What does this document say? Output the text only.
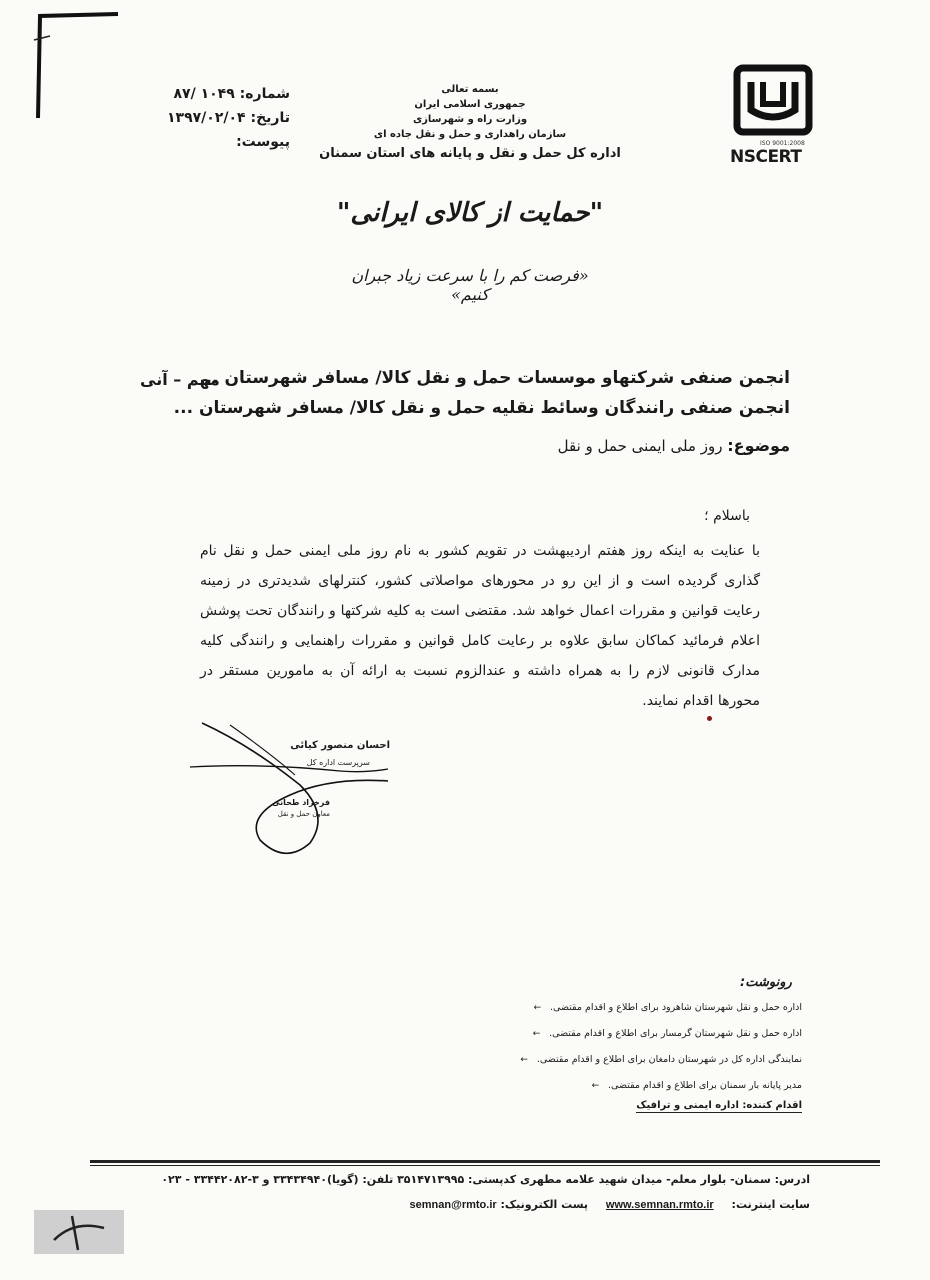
شماره: ۱۰۴۹ /۸۷
تاریخ: ۱۳۹۷/۰۲/۰۴
پیوست:
بسمه تعالی
جمهوری اسلامی ایران
وزارت راه و شهرسازی
سازمان راهداری و حمل و نقل جاده ای
اداره کل حمل و نقل و پایانه های استان سمنان
ISO 9001:2008
NSCERT
"حمایت از کالای ایرانی"
«فرصت کم را با سرعت زیاد جبران کنیم»
مهم – آنی
انجمن صنفی شرکتهاو موسسات حمل و نقل کالا/ مسافر شهرستان ...
انجمن صنفی رانندگان وسائط نقلیه حمل و نقل کالا/ مسافر شهرستان ...
موضوع: روز ملی ایمنی حمل و نقل
باسلام ؛
با عنایت به اینکه روز هفتم اردیبهشت در تقویم کشور به نام روز ملی ایمنی حمل و نقل نام گذاری گردیده است و از این رو در محورهای مواصلاتی کشور، کنترلهای شدیدتری در زمینه رعایت قوانین و مقررات اعمال خواهد شد. مقتضی است به کلیه شرکتها و رانندگان تحت پوشش اعلام فرمائید کماکان سابق علاوه بر رعایت کامل قوانین و مقررات راهنمایی و رانندگی کلیه مدارک قانونی لازم را به همراه داشته و عندالزوم نسبت به ارائه آن به مامورین مستقر در محورها اقدام نمایند.
احسان منصور کیائی
سرپرست اداره کل
فرخزاد طحانی
معاون حمل و نقل
رونوشت:
اداره حمل و نقل شهرستان شاهرود برای اطلاع و اقدام مقتضی. ←
اداره حمل و نقل شهرستان گرمسار برای اطلاع و اقدام مقتضی. ←
نمایندگی اداره کل در شهرستان دامغان برای اطلاع و اقدام مقتضی. ←
مدیر پایانه بار سمنان برای اطلاع و اقدام مقتضی. ←
اقدام کننده: اداره ایمنی و ترافیک
ادرس: سمنان- بلوار معلم- میدان شهید علامه مطهری کدپستی: ۳۵۱۴۷۱۳۹۹۵ تلفن: (گویا)۳۳۴۳۴۹۴۰ و ۳-۳۳۴۴۲۰۸۲ - ۰۲۳
سایت اینترنت: www.semnan.rmto.ir پست الکترونیک: semnan@rmto.ir
